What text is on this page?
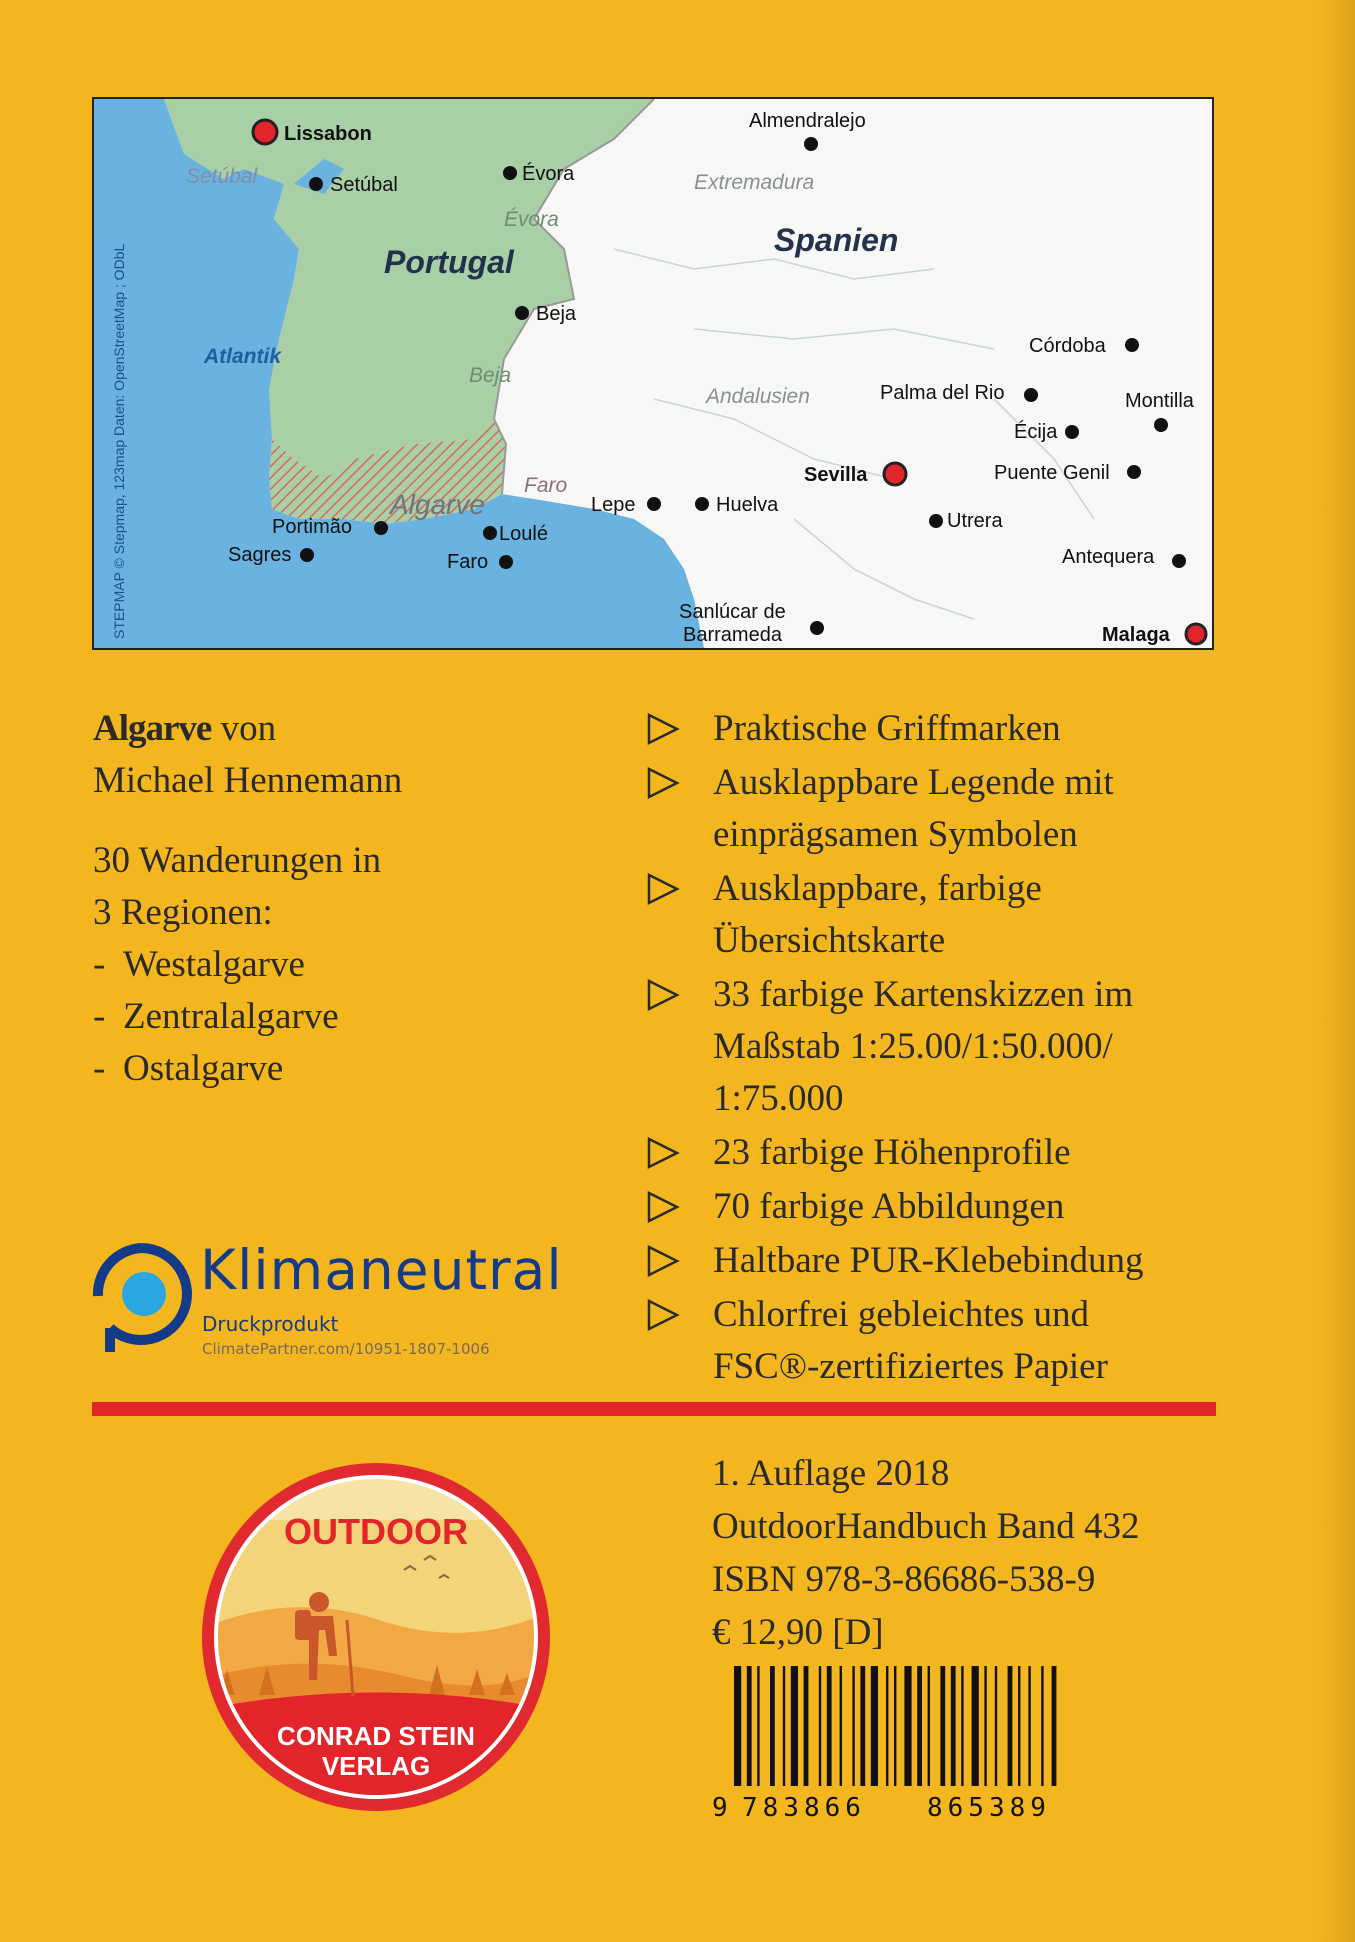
STEPMAP © Stepmap, 123map Daten: OpenStreetMap ; ODbL
Setúbal
Évora
Beja
Faro
Algarve
Extremadura
Andalusien
Atlantik
Portugal
Spanien
Lissabon
Setúbal	Évora
Beja
Almendralejo
Córdoba
Palma del Rio	Montilla
Écija
Sevilla	Puente Genil
Lepe	Huelva
Utrera
Portimão	Loulé
Sagres	Faro	Antequera
Sanlúcar de
Barrameda	Malaga

Algarve von

Michael Hennemann

30 Wanderungen in

3 Regionen:

- Westalgarve

- Zentralalgarve

- Ostalgarve

Praktische Griffmarken
Ausklappbare Legende mit
einprägsamen Symbolen
Ausklappbare, farbige
Übersichtskarte
33 farbige Kartenskizzen im
Maßstab 1:25.00/1:50.000/
1:75.000
23 farbige Höhenprofile
70 farbige Abbildungen
Haltbare PUR-Klebebindung
Chlorfrei gebleichtes und
FSC®-zertifiziertes Papier
Klimaneutral
Druckprodukt
ClimatePartner.com/10951-1807-1006
OUTDOOR
CONRAD STEIN
VERLAG

1. Auflage 2018

OutdoorHandbuch Band 432

ISBN 978-3-86686-538-9

€ 12,90 [D]

9 783866 865389
